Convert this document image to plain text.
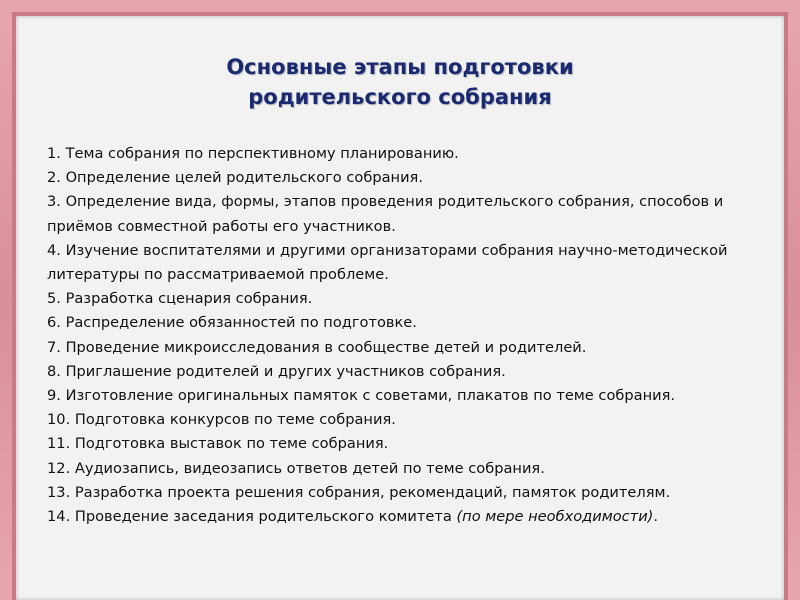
Основные этапы подготовки
родительского собрания
1. Тема собрания по перспективному планированию.
2. Определение целей родительского собрания.
3. Определение вида, формы, этапов проведения родительского собрания, способов и приёмов совместной работы его участников.
4. Изучение воспитателями и другими организаторами собрания научно-методической литературы по рассматриваемой проблеме.
5. Разработка сценария собрания.
6. Распределение обязанностей по подготовке.
7. Проведение микроисследования в сообществе детей и родителей.
8. Приглашение родителей и других участников собрания.
9. Изготовление оригинальных памяток с советами, плакатов по теме собрания.
10. Подготовка конкурсов по теме собрания.
11. Подготовка выставок по теме собрания.
12. Аудиозапись, видеозапись ответов детей по теме собрания.
13. Разработка проекта решения собрания, рекомендаций, памяток родителям.
14. Проведение заседания родительского комитета (по мере необходимости).
